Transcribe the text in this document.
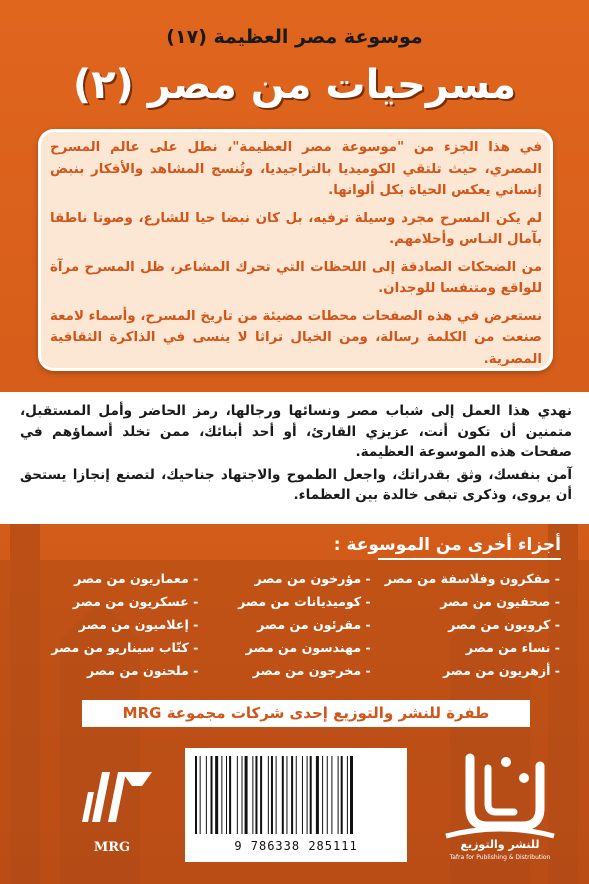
موسوعة مصر العظيمة (١٧)
مسرحيات من مصر (٢)

في هذا الجزء من "موسوعة مصر العظيمة"، نطل على عالم المسرح المصري، حيث تلتقي الكوميديا بالتراجيديا، وتُنسج المشاهد والأفكار بنبض إنساني يعكس الحياة بكل ألوانها.

لم يكن المسرح مجرد وسيلة ترفيه، بل كان نبضا حيا للشارع، وصوتا ناطقا بآمال النـاس وأحلامهم.

من الضحكات الصادقة إلى اللحظات التي تحرك المشاعر، ظل المسرح مرآة للواقع ومتنفسا للوجدان.

نستعرض في هذه الصفحات محطات مضيئة من تاريخ المسرح، وأسماء لامعة صنعت من الكلمة رسالة، ومن الخيال تراثا لا ينسى في الذاكرة الثقافية المصرية.

نهدي هذا العمل إلى شباب مصر ونسائها ورجالها، رمز الحاضر وأمل المستقبل، متمنين أن تكون أنت، عزيزي القارئ، أو أحد أبنائك، ممن تخلد أسماؤهم في صفحات هذه الموسوعة العظيمة.

آمن بنفسك، وثق بقدراتك، واجعل الطموح والاجتهاد جناحيك، لتصنع إنجازا يستحق أن يروى، وذكرى تبقى خالدة بين العظماء.

أجزاء أخرى من الموسوعة :
- مفكرون وفلاسفة من مصر
- مؤرخون من مصر
- معماريون من مصر
- صحفيون من مصر
- كوميديانات من مصر
- عسكريون من مصر
- كرويون من مصر
- مقرئون من مصر
- إعلاميون من مصر
- نساء من مصر
- مهندسون من مصر
- كتّاب سيناريو من مصر
- أزهريون من مصر
- مخرجون من مصر
- ملحنون من مصر
طفرة للنشر والتوزيع إحدى شركات مجموعة MRG
9 786338 285111	للنشر والتوزيع
Tafra for Publishing & Distribution
MRG
